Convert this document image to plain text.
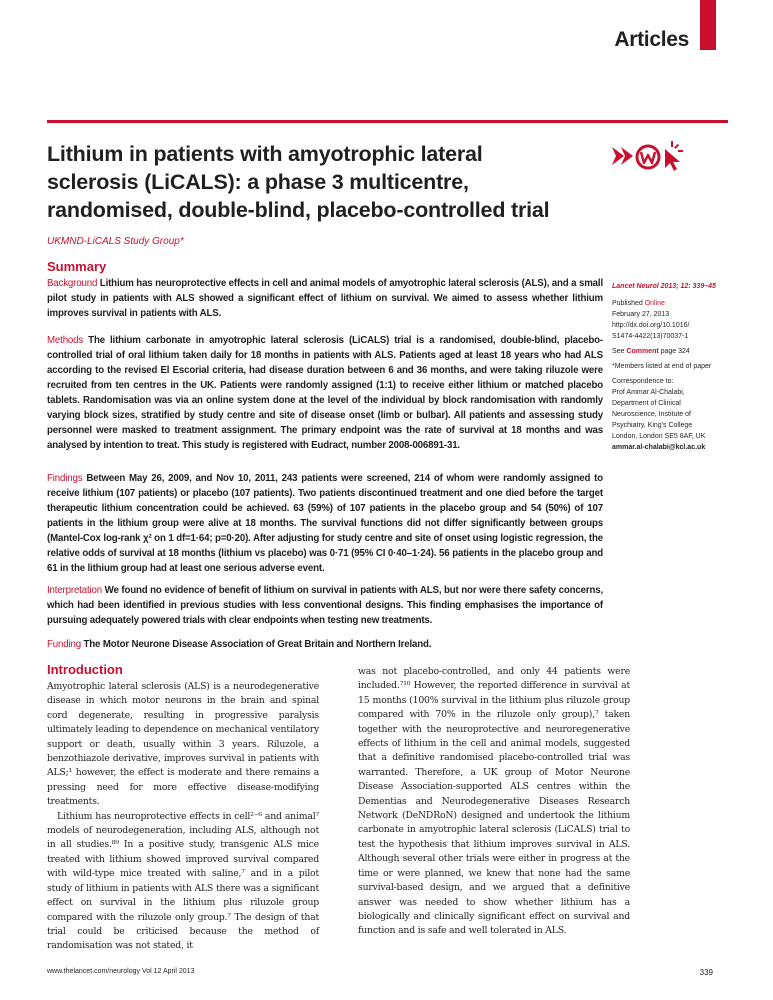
Articles
Lithium in patients with amyotrophic lateral sclerosis (LiCALS): a phase 3 multicentre, randomised, double-blind, placebo-controlled trial
UKMND-LiCALS Study Group*
Summary

Background Lithium has neuroprotective effects in cell and animal models of amyotrophic lateral sclerosis (ALS), and a small pilot study in patients with ALS showed a significant effect of lithium on survival. We aimed to assess whether lithium improves survival in patients with ALS.

Methods The lithium carbonate in amyotrophic lateral sclerosis (LiCALS) trial is a randomised, double-blind, placebo-controlled trial of oral lithium taken daily for 18 months in patients with ALS. Patients aged at least 18 years who had ALS according to the revised El Escorial criteria, had disease duration between 6 and 36 months, and were taking riluzole were recruited from ten centres in the UK. Patients were randomly assigned (1:1) to receive either lithium or matched placebo tablets. Randomisation was via an online system done at the level of the individual by block randomisation with randomly varying block sizes, stratified by study centre and site of disease onset (limb or bulbar). All patients and assessing study personnel were masked to treatment assignment. The primary endpoint was the rate of survival at 18 months and was analysed by intention to treat. This study is registered with Eudract, number 2008-006891-31.

Findings Between May 26, 2009, and Nov 10, 2011, 243 patients were screened, 214 of whom were randomly assigned to receive lithium (107 patients) or placebo (107 patients). Two patients discontinued treatment and one died before the target therapeutic lithium concentration could be achieved. 63 (59%) of 107 patients in the placebo group and 54 (50%) of 107 patients in the lithium group were alive at 18 months. The survival functions did not differ significantly between groups (Mantel-Cox log-rank χ² on 1 df=1·64; p=0·20). After adjusting for study centre and site of onset using logistic regression, the relative odds of survival at 18 months (lithium vs placebo) was 0·71 (95% CI 0·40–1·24). 56 patients in the placebo group and 61 in the lithium group had at least one serious adverse event.

Interpretation We found no evidence of benefit of lithium on survival in patients with ALS, but nor were there safety concerns, which had been identified in previous studies with less conventional designs. This finding emphasises the importance of pursuing adequately powered trials with clear endpoints when testing new treatments.

Funding The Motor Neurone Disease Association of Great Britain and Northern Ireland.

Lancet Neurol 2013; 12: 339–45

Published Online
February 27, 2013
http://dx.doi.org/10.1016/
S1474-4422(13)70037-1

See Comment page 324

*Members listed at end of paper

Correspondence to:
Prof Ammar Al-Chalabi,
Department of Clinical
Neuroscience, Institute of
Psychiatry, King's College
London, London SE5 8AF, UK
ammar.al-chalabi@kcl.ac.uk

Introduction

Amyotrophic lateral sclerosis (ALS) is a neurodegenerative disease in which motor neurons in the brain and spinal cord degenerate, resulting in progressive paralysis ultimately leading to dependence on mechanical ventilatory support or death, usually within 3 years. Riluzole, a benzothiazole derivative, improves survival in patients with ALS;¹ however, the effect is moderate and there remains a pressing need for more effective disease-modifying treatments.

Lithium has neuroprotective effects in cell²⁻⁶ and animal⁷ models of neurodegeneration, including ALS, although not in all studies.⁸⁹ In a positive study, transgenic ALS mice treated with lithium showed improved survival compared with wild-type mice treated with saline,⁷ and in a pilot study of lithium in patients with ALS there was a significant effect on survival in the lithium plus riluzole group compared with the riluzole only group.⁷ The design of that trial could be criticised because the method of randomisation was not stated, it

was not placebo-controlled, and only 44 patients were included.⁷¹⁰ However, the reported difference in survival at 15 months (100% survival in the lithium plus riluzole group compared with 70% in the riluzole only group),⁷ taken together with the neuroprotective and neuroregenerative effects of lithium in the cell and animal models, suggested that a definitive randomised placebo-controlled trial was warranted. Therefore, a UK group of Motor Neurone Disease Association-supported ALS centres within the Dementias and Neurodegenerative Diseases Research Network (DeNDRoN) designed and undertook the lithium carbonate in amyotrophic lateral sclerosis (LiCALS) trial to test the hypothesis that lithium improves survival in ALS. Although several other trials were either in progress at the time or were planned, we knew that none had the same survival-based design, and we argued that a definitive answer was needed to show whether lithium has a biologically and clinically significant effect on survival and function and is safe and well tolerated in ALS.

www.thelancet.com/neurology Vol 12 April 2013	339
